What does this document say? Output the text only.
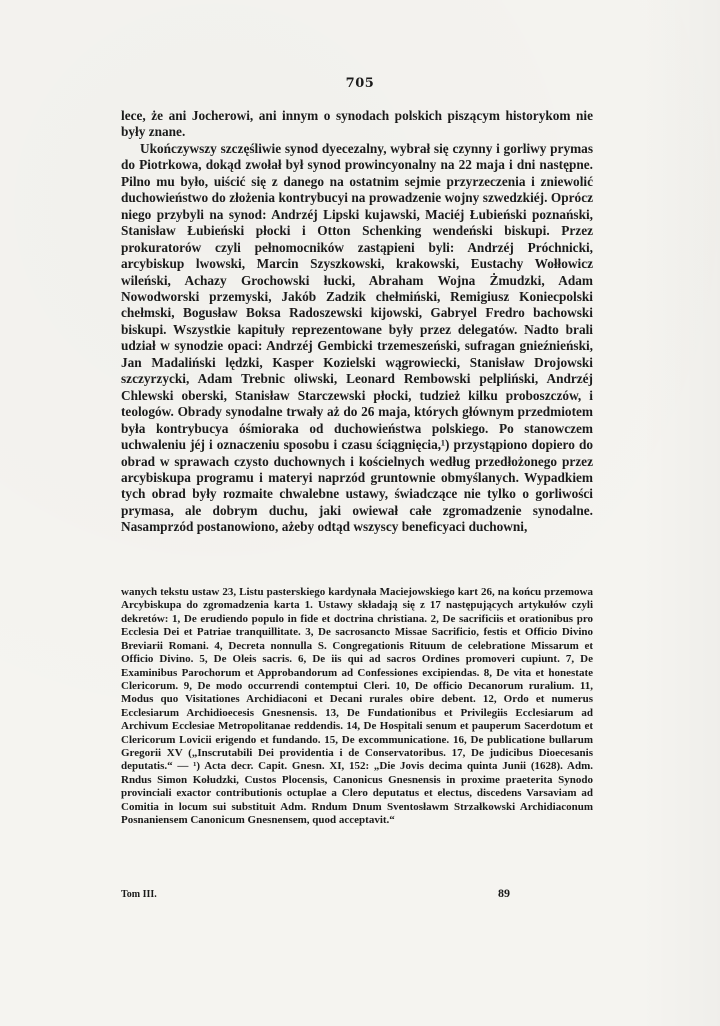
705

lece, że ani Jocherowi, ani innym o synodach polskich piszącym historykom nie były znane.

Ukończywszy szczęśliwie synod dyecezalny, wybrał się czynny i gorliwy prymas do Piotrkowa, dokąd zwołał był synod prowincyonalny na 22 maja i dni następne. Pilno mu było, uiścić się z danego na ostatnim sejmie przyrzeczenia i zniewolić duchowieństwo do złożenia kontrybucyi na prowadzenie wojny szwedzkiéj. Oprócz niego przybyli na synod: Andrzéj Lipski kujawski, Maciéj Łubieński poznański, Stanisław Łubieński płocki i Otton Schenking wendeński biskupi. Przez prokuratorów czyli pełnomocników zastąpieni byli: Andrzéj Próchnicki, arcybiskup lwowski, Marcin Szyszkowski, krakowski, Eustachy Wołłowicz wileński, Achazy Grochowski łucki, Abraham Wojna Żmudzki, Adam Nowodworski przemyski, Jakób Zadzik chełmiński, Remigiusz Koniecpolski chełmski, Bogusław Boksa Radoszewski kijowski, Gabryel Fredro bachowski biskupi. Wszystkie kapituły reprezentowane były przez delegatów. Nadto brali udział w synodzie opaci: Andrzéj Gembicki trzemeszeński, sufragan gnieźnieński, Jan Madaliński lędzki, Kasper Kozielski wągrowiecki, Stanisław Drojowski szczyrzycki, Adam Trebnic oliwski, Leonard Rembowski pelpliński, Andrzéj Chlewski oberski, Stanisław Starczewski płocki, tudzież kilku proboszczów, i teologów. Obrady synodalne trwały aż do 26 maja, których głównym przedmiotem była kontrybucya óśmioraka od duchowieństwa polskiego. Po stanowczem uchwaleniu jéj i oznaczeniu sposobu i czasu ściągnięcia,¹) przystąpiono dopiero do obrad w sprawach czysto duchownych i kościelnych według przedłożonego przez arcybiskupa programu i materyi naprzód gruntownie obmyślanych. Wypadkiem tych obrad były rozmaite chwalebne ustawy, świadczące nie tylko o gorliwości prymasa, ale dobrym duchu, jaki owiewał całe zgromadzenie synodalne. Nasamprzód postanowiono, ażeby odtąd wszyscy beneficyaci duchowni,

wanych tekstu ustaw 23, Listu pasterskiego kardynała Maciejowskiego kart 26, na końcu przemowa Arcybiskupa do zgromadzenia karta 1. Ustawy składają się z 17 następujących artykułów czyli dekretów: 1, De erudiendo populo in fide et doctrina christiana. 2, De sacrificiis et orationibus pro Ecclesia Dei et Patriae tranquillitate. 3, De sacrosancto Missae Sacrificio, festis et Officio Divino Breviarii Romani. 4, Decreta nonnulla S. Congregationis Rituum de celebratione Missarum et Officio Divino. 5, De Oleis sacris. 6, De iis qui ad sacros Ordines promoveri cupiunt. 7, De Examinibus Parochorum et Approbandorum ad Confessiones excipiendas. 8, De vita et honestate Clericorum. 9, De modo occurrendi contemptui Cleri. 10, De officio Decanorum ruralium. 11, Modus quo Visitationes Archidiaconi et Decani rurales obire debent. 12, Ordo et numerus Ecclesiarum Archidioecesis Gnesnensis. 13, De Fundationibus et Privilegiis Ecclesiarum ad Archivum Ecclesiae Metropolitanae reddendis. 14, De Hospitali senum et pauperum Sacerdotum et Clericorum Lovicii erigendo et fundando. 15, De excommunicatione. 16, De publicatione bullarum Gregorii XV („Inscrutabili Dei providentia i de Conservatoribus. 17, De judicibus Dioecesanis deputatis.“ — ¹) Acta decr. Capit. Gnesn. XI, 152: „Die Jovis decima quinta Junii (1628). Adm. Rndus Simon Kołudzki, Custos Plocensis, Canonicus Gnesnensis in proxime praeterita Synodo provinciali exactor contributionis octuplae a Clero deputatus et electus, discedens Varsaviam ad Comitia in locum sui substituit Adm. Rndum Dnum Sventosławm Strzałkowski Archidiaconum Posnaniensem Canonicum Gnesnensem, quod acceptavit.“

Tom III.	89
